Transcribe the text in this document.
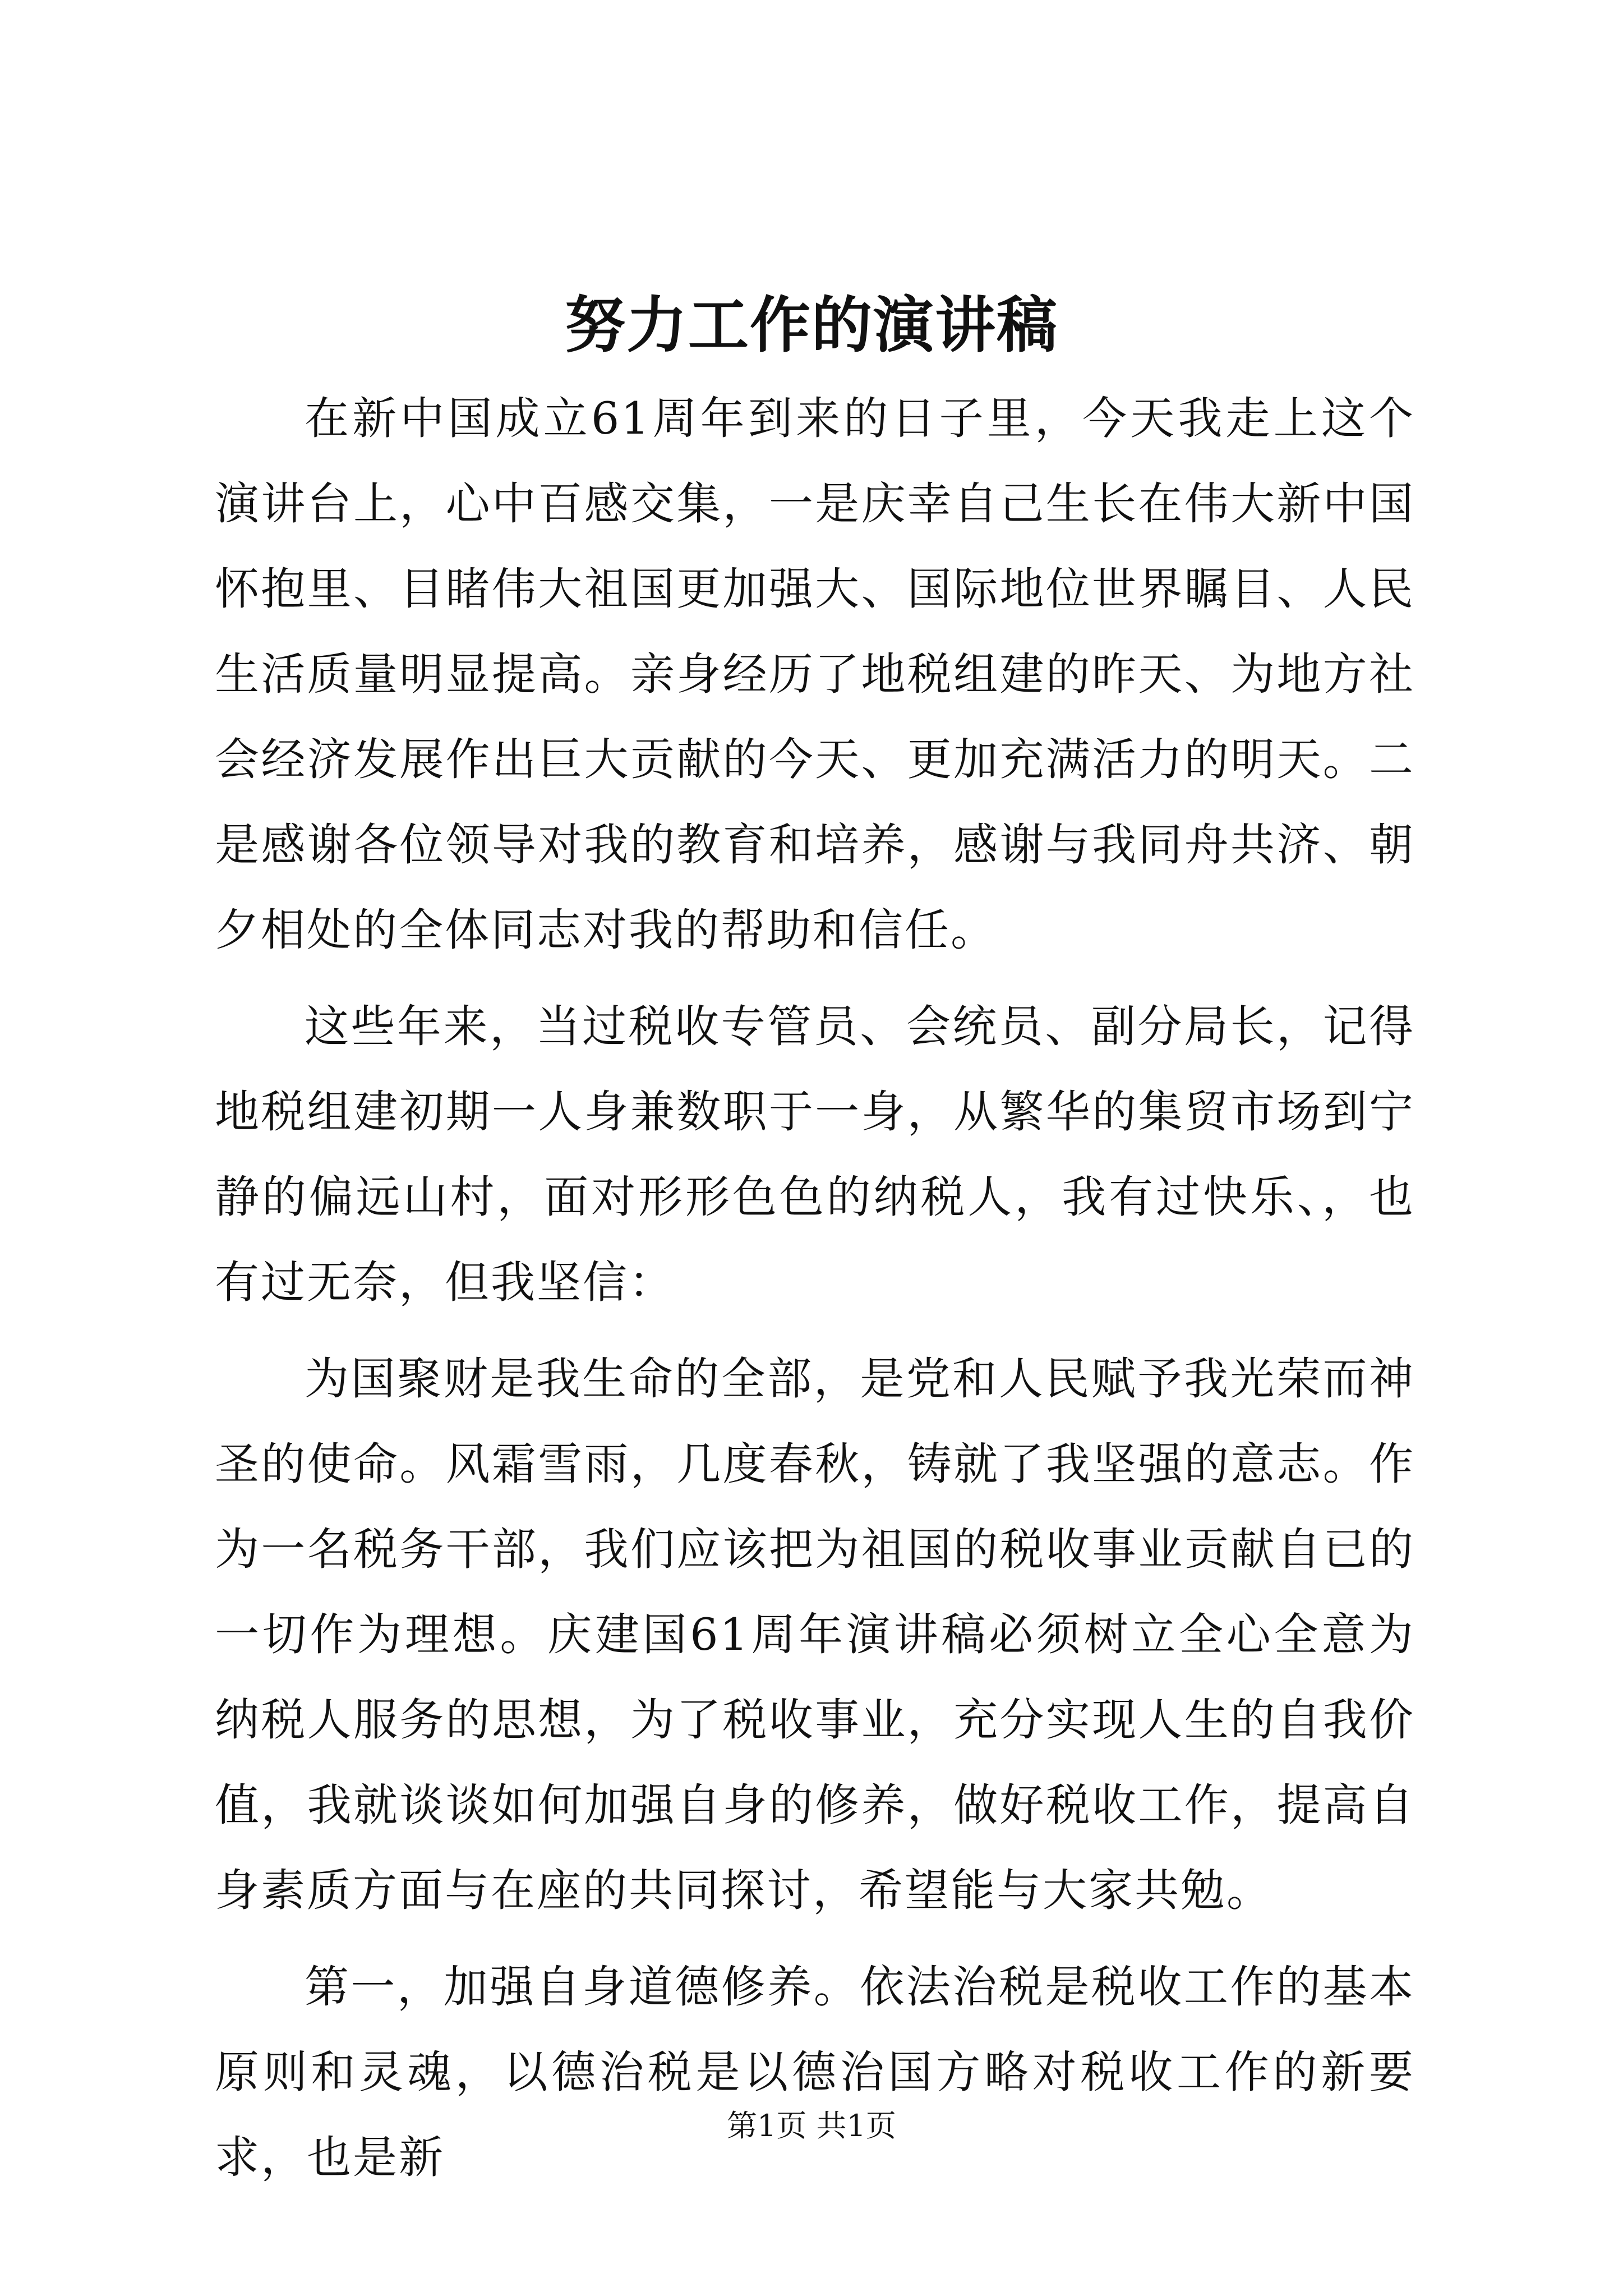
努力工作的演讲稿

在新中国成立61周年到来的日子里，今天我走上这个演讲台上，心中百感交集，一是庆幸自己生长在伟大新中国怀抱里、目睹伟大祖国更加强大、国际地位世界瞩目、人民生活质量明显提高。亲身经历了地税组建的昨天、为地方社会经济发展作出巨大贡献的今天、更加充满活力的明天。二是感谢各位领导对我的教育和培养，感谢与我同舟共济、朝夕相处的全体同志对我的帮助和信任。

这些年来，当过税收专管员、会统员、副分局长，记得地税组建初期一人身兼数职于一身，从繁华的集贸市场到宁静的偏远山村，面对形形色色的纳税人，我有过快乐、，也有过无奈，但我坚信：

为国聚财是我生命的全部，是党和人民赋予我光荣而神圣的使命。风霜雪雨，几度春秋，铸就了我坚强的意志。作为一名税务干部，我们应该把为祖国的税收事业贡献自已的一切作为理想。庆建国61周年演讲稿必须树立全心全意为纳税人服务的思想，为了税收事业，充分实现人生的自我价值，我就谈谈如何加强自身的修养，做好税收工作，提高自身素质方面与在座的共同探讨，希望能与大家共勉。

第一，加强自身道德修养。依法治税是税收工作的基本原则和灵魂，以德治税是以德治国方略对税收工作的新要求，也是新

第1页 共1页
